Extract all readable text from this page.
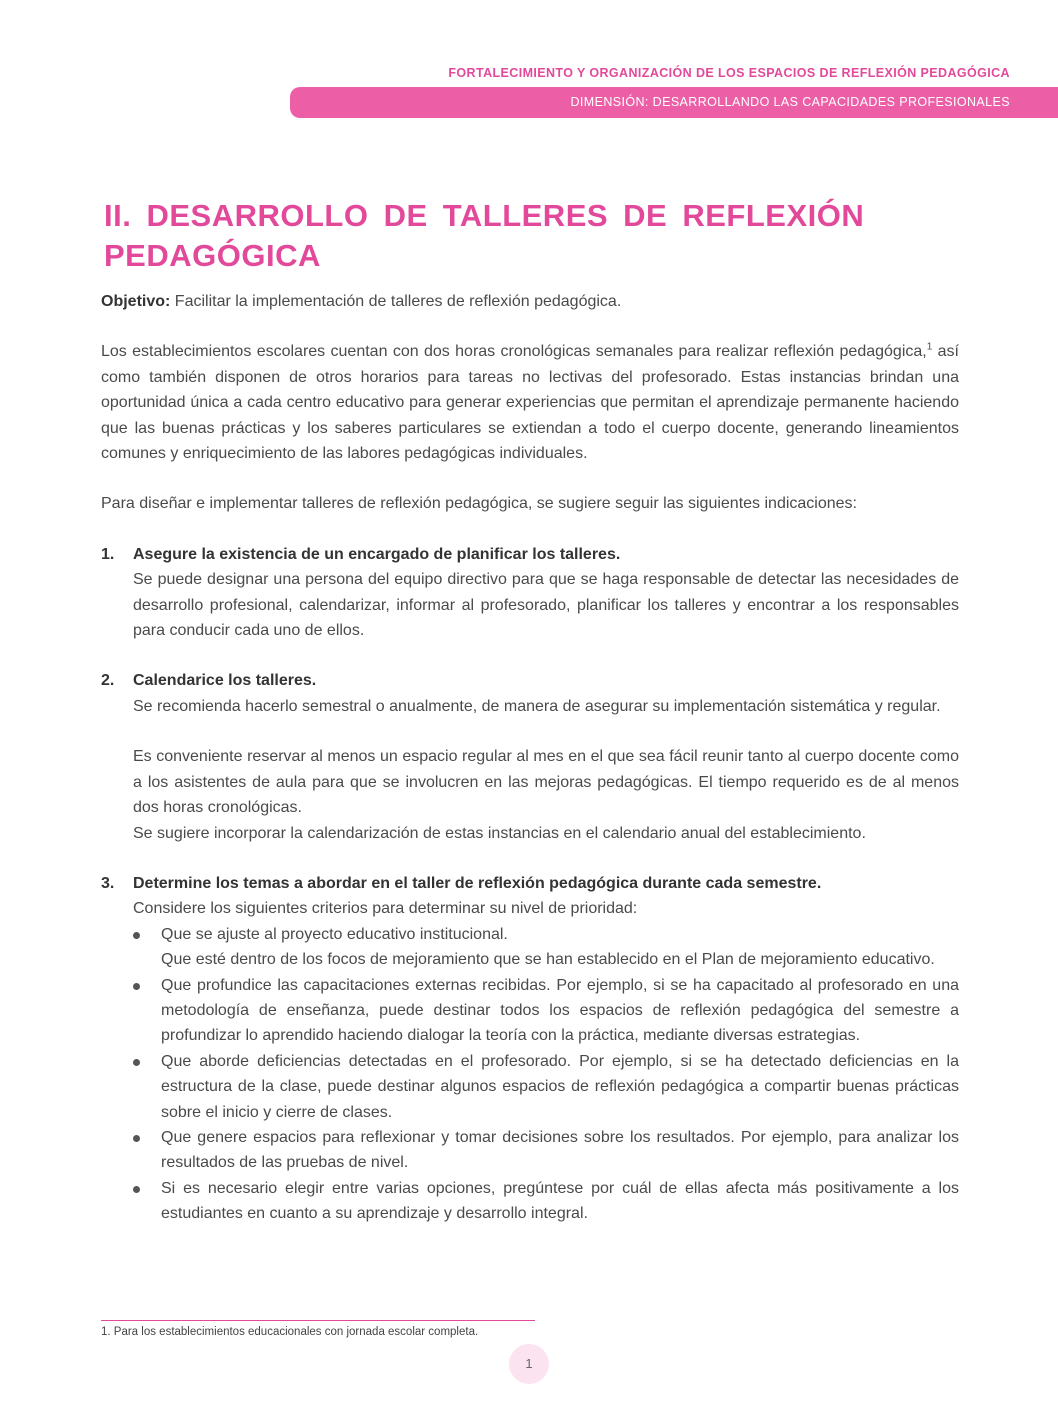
FORTALECIMIENTO Y ORGANIZACIÓN DE LOS ESPACIOS DE REFLEXIÓN PEDAGÓGICA
DIMENSIÓN: DESARROLLANDO LAS CAPACIDADES PROFESIONALES
II. DESARROLLO DE TALLERES DE REFLEXIÓN PEDAGÓGICA

Objetivo: Facilitar la implementación de talleres de reflexión pedagógica.

Los establecimientos escolares cuentan con dos horas cronológicas semanales para realizar reflexión pedagógica,$^1$ así como también disponen de otros horarios para tareas no lectivas del profesorado. Estas instancias brindan una oportunidad única a cada centro educativo para generar experiencias que permitan el aprendizaje permanente haciendo que las buenas prácticas y los saberes particulares se extiendan a todo el cuerpo docente, generando lineamientos comunes y enriquecimiento de las labores pedagógicas individuales.

Para diseñar e implementar talleres de reflexión pedagógica, se sugiere seguir las siguientes indicaciones:

1. Asegure la existencia de un encargado de planificar los talleres.

Se puede designar una persona del equipo directivo para que se haga responsable de detectar las necesidades de desarrollo profesional, calendarizar, informar al profesorado, planificar los talleres y encontrar a los responsables para conducir cada uno de ellos.

2. Calendarice los talleres.

Se recomienda hacerlo semestral o anualmente, de manera de asegurar su implementación sistemática y regular.

Es conveniente reservar al menos un espacio regular al mes en el que sea fácil reunir tanto al cuerpo docente como a los asistentes de aula para que se involucren en las mejoras pedagógicas. El tiempo requerido es de al menos dos horas cronológicas.

Se sugiere incorporar la calendarización de estas instancias en el calendario anual del establecimiento.

3. Determine los temas a abordar en el taller de reflexión pedagógica durante cada semestre.

Considere los siguientes criterios para determinar su nivel de prioridad:

Que se ajuste al proyecto educativo institucional.
Que esté dentro de los focos de mejoramiento que se han establecido en el Plan de mejoramiento educativo.
Que profundice las capacitaciones externas recibidas. Por ejemplo, si se ha capacitado al profesorado en una metodología de enseñanza, puede destinar todos los espacios de reflexión pedagógica del semestre a profundizar lo aprendido haciendo dialogar la teoría con la práctica, mediante diversas estrategias.
Que aborde deficiencias detectadas en el profesorado. Por ejemplo, si se ha detectado deficiencias en la estructura de la clase, puede destinar algunos espacios de reflexión pedagógica a compartir buenas prácticas sobre el inicio y cierre de clases.
Que genere espacios para reflexionar y tomar decisiones sobre los resultados. Por ejemplo, para analizar los resultados de las pruebas de nivel.
Si es necesario elegir entre varias opciones, pregúntese por cuál de ellas afecta más positivamente a los estudiantes en cuanto a su aprendizaje y desarrollo integral.
1. Para los establecimientos educacionales con jornada escolar completa.
1
